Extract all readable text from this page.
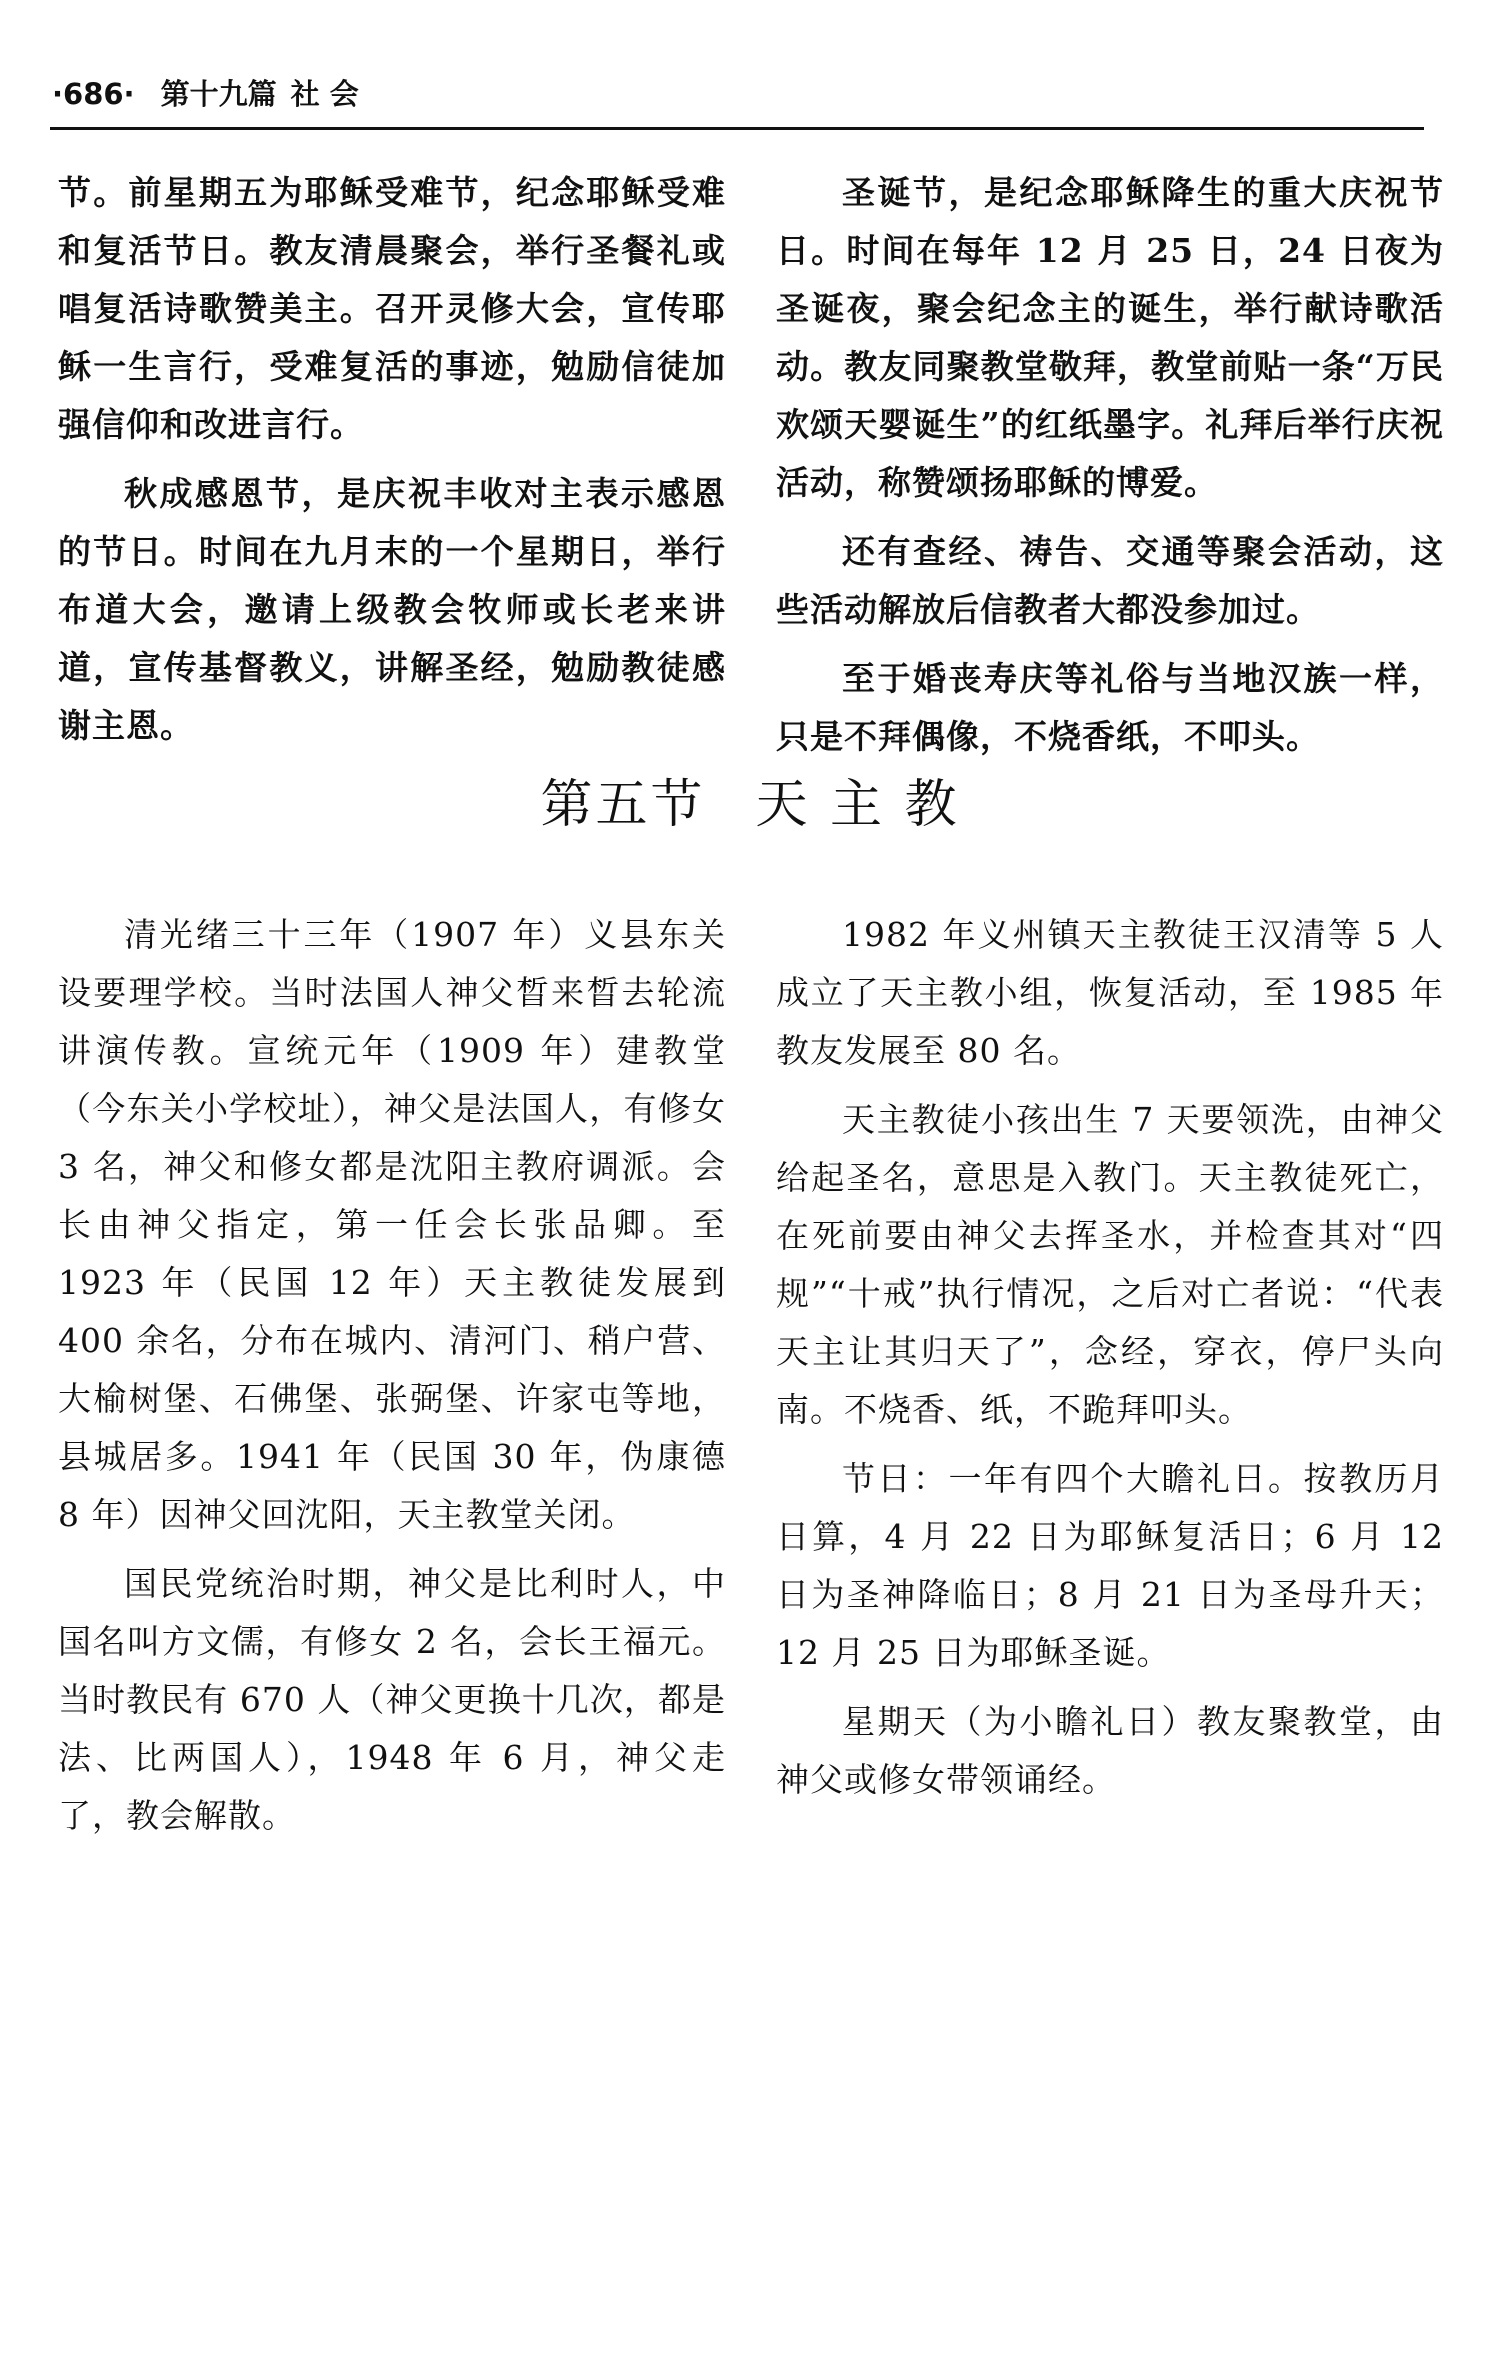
·686· 第十九篇 社 会

节。前星期五为耶稣受难节，纪念耶稣受难和复活节日。教友清晨聚会，举行圣餐礼或唱复活诗歌赞美主。召开灵修大会，宣传耶稣一生言行，受难复活的事迹，勉励信徒加强信仰和改进言行。

秋成感恩节，是庆祝丰收对主表示感恩的节日。时间在九月末的一个星期日，举行布道大会，邀请上级教会牧师或长老来讲道，宣传基督教义，讲解圣经，勉励教徒感谢主恩。

圣诞节，是纪念耶稣降生的重大庆祝节日。时间在每年 12 月 25 日，24 日夜为圣诞夜，聚会纪念主的诞生，举行献诗歌活动。教友同聚教堂敬拜，教堂前贴一条“万民欢颂天婴诞生”的红纸墨字。礼拜后举行庆祝活动，称赞颂扬耶稣的博爱。

还有查经、祷告、交通等聚会活动，这些活动解放后信教者大都没参加过。

至于婚丧寿庆等礼俗与当地汉族一样，只是不拜偶像，不烧香纸，不叩头。

第五节 天 主 教

清光绪三十三年（1907 年）义县东关设要理学校。当时法国人神父晳来晳去轮流讲演传教。宣统元年（1909 年）建教堂（今东关小学校址），神父是法国人，有修女 3 名，神父和修女都是沈阳主教府调派。会长由神父指定，第一任会长张品卿。至 1923 年（民国 12 年）天主教徒发展到 400 余名，分布在城内、清河门、稍户营、大榆树堡、石佛堡、张弼堡、许家屯等地，县城居多。1941 年（民国 30 年，伪康德 8 年）因神父回沈阳，天主教堂关闭。

国民党统治时期，神父是比利时人，中国名叫方文儒，有修女 2 名，会长王福元。当时教民有 670 人（神父更换十几次，都是法、比两国人），1948 年 6 月，神父走了，教会解散。

1982 年义州镇天主教徒王汉清等 5 人成立了天主教小组，恢复活动，至 1985 年教友发展至 80 名。

天主教徒小孩出生 7 天要领洗，由神父给起圣名，意思是入教门。天主教徒死亡，在死前要由神父去挥圣水，并检查其对“四规”“十戒”执行情况，之后对亡者说：“代表天主让其归天了”，念经，穿衣，停尸头向南。不烧香、纸，不跪拜叩头。

节日：一年有四个大瞻礼日。按教历月日算，4 月 22 日为耶稣复活日；6 月 12 日为圣神降临日；8 月 21 日为圣母升天；12 月 25 日为耶稣圣诞。

星期天（为小瞻礼日）教友聚教堂，由神父或修女带领诵经。
